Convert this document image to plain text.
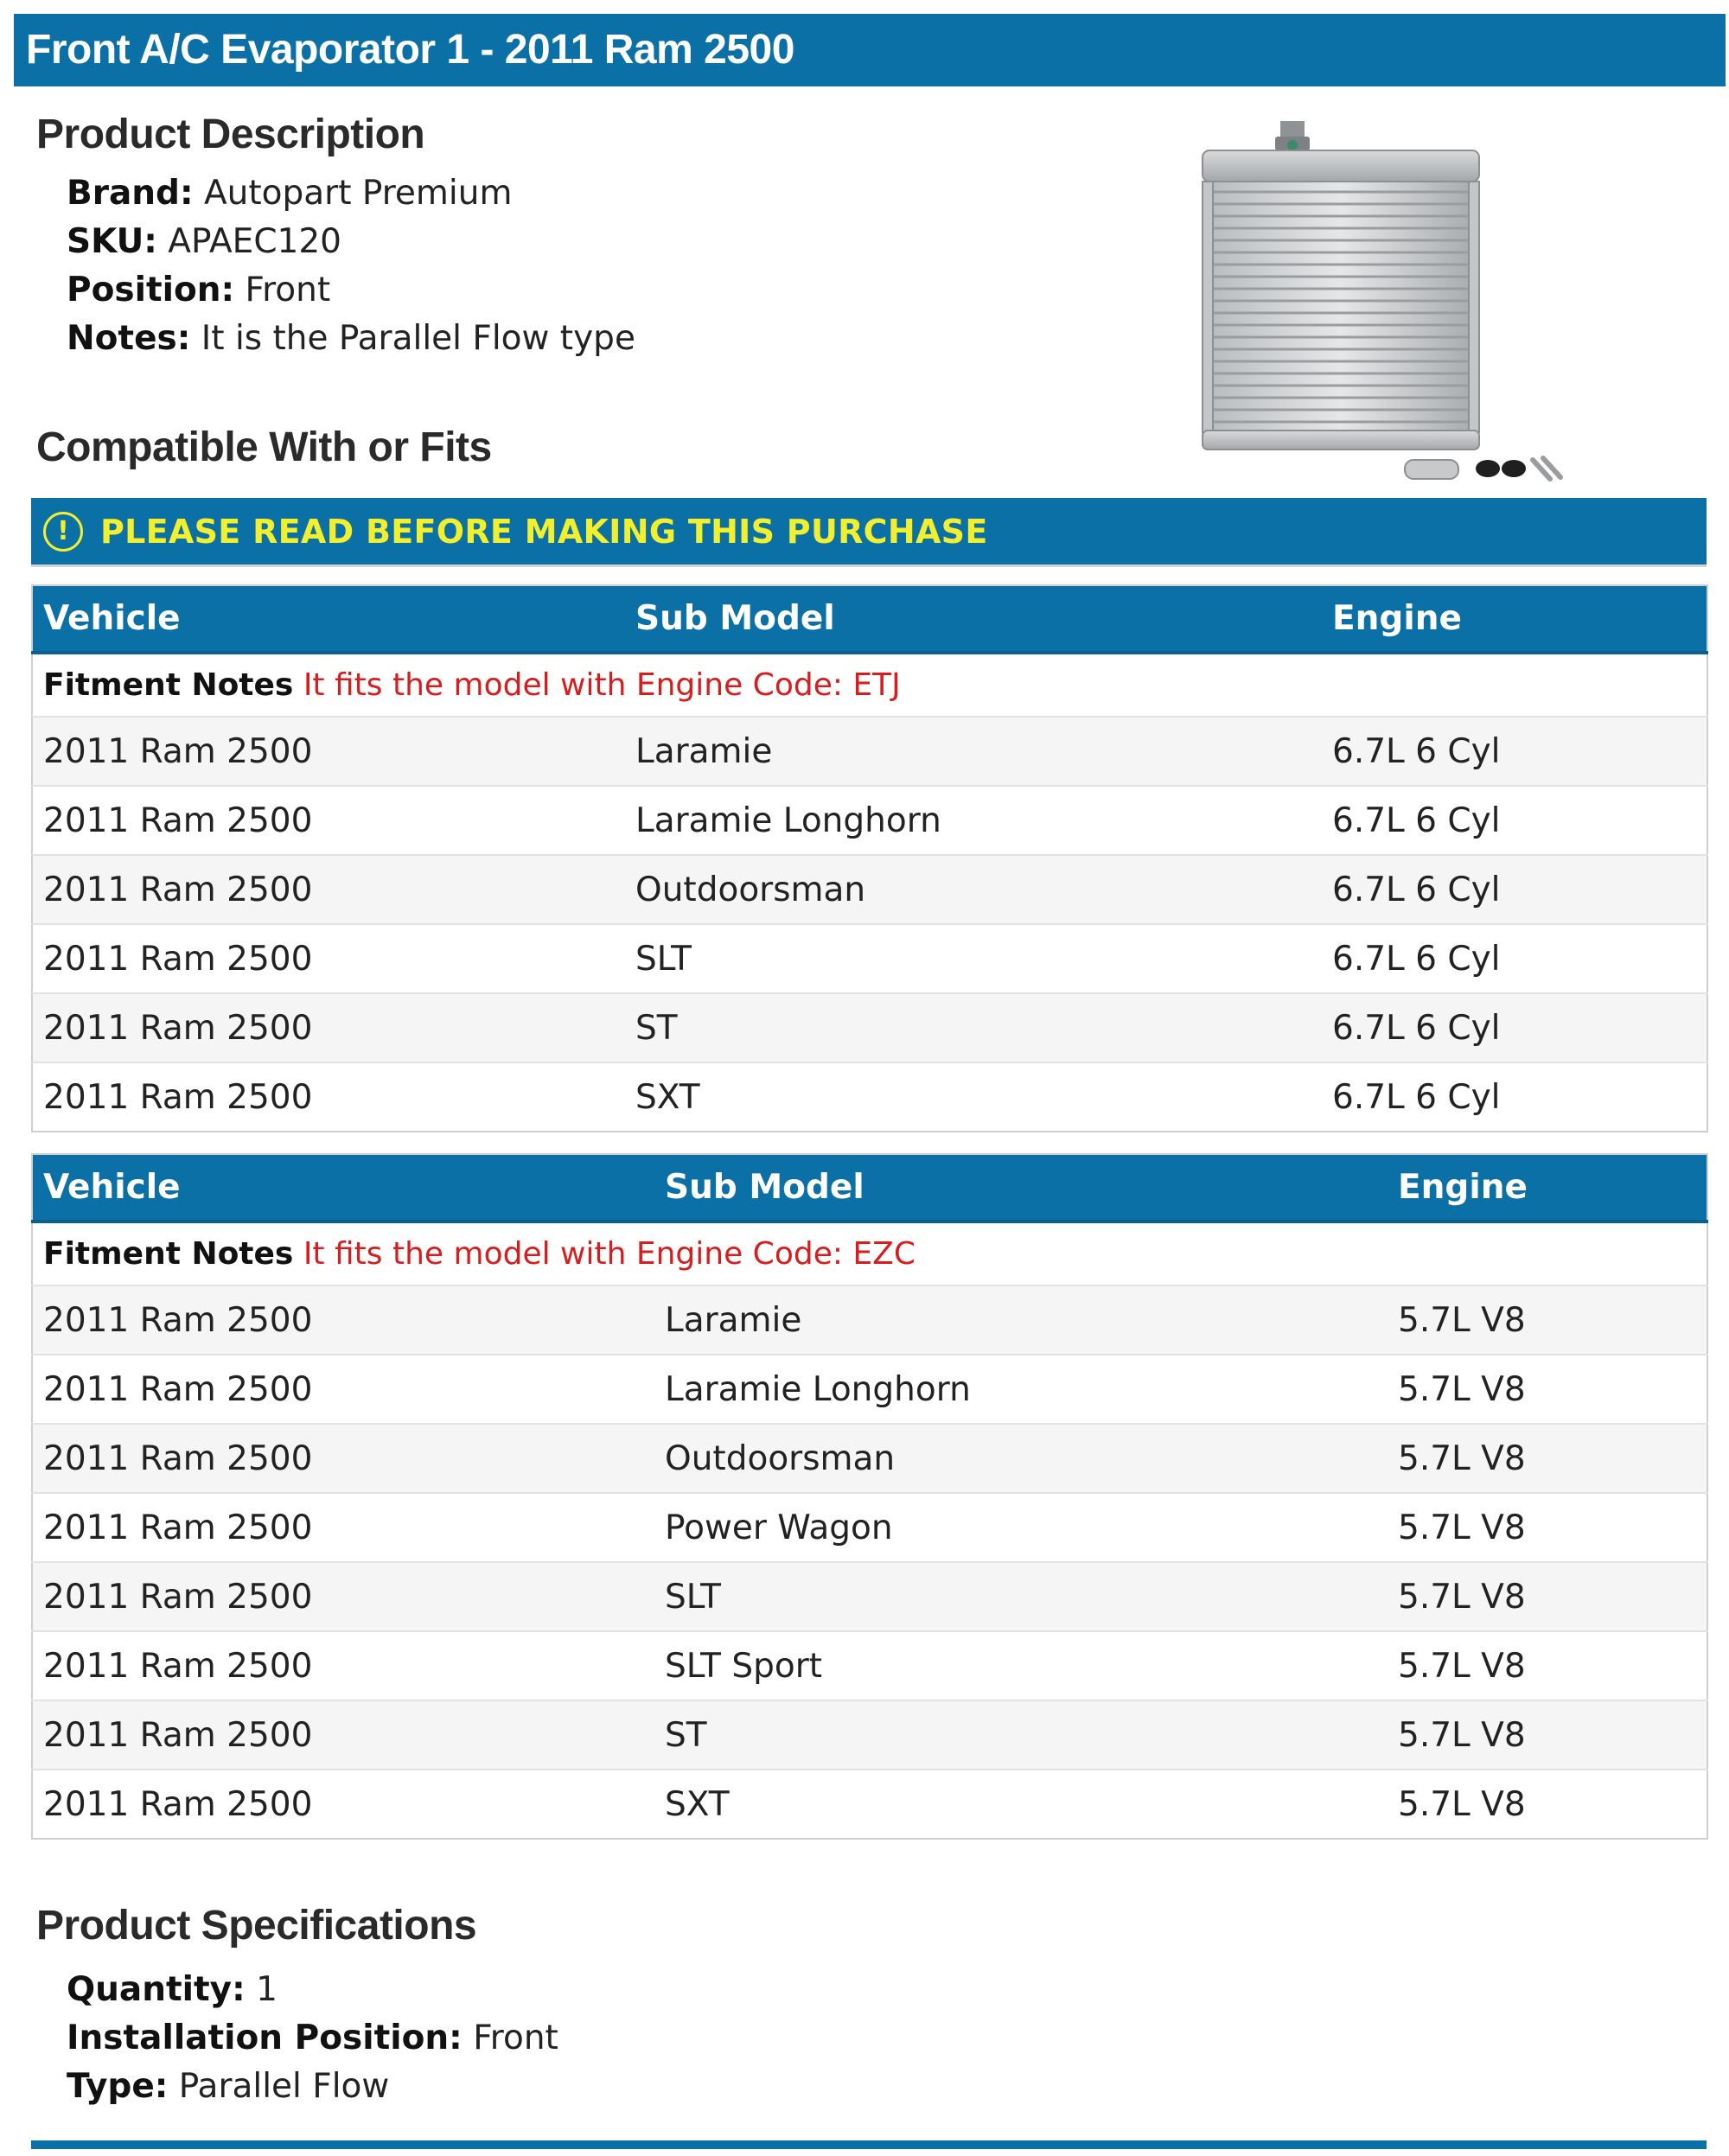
Front A/C Evaporator 1 - 2011 Ram 2500
Product Description
Brand: Autopart Premium
SKU: APAEC120
Position: Front
Notes: It is the Parallel Flow type
Compatible With or Fits
! PLEASE READ BEFORE MAKING THIS PURCHASE
Vehicle	Sub Model	Engine
Fitment Notes It fits the model with Engine Code: ETJ		
2011 Ram 2500	Laramie	6.7L 6 Cyl
2011 Ram 2500	Laramie Longhorn	6.7L 6 Cyl
2011 Ram 2500	Outdoorsman	6.7L 6 Cyl
2011 Ram 2500	SLT	6.7L 6 Cyl
2011 Ram 2500	ST	6.7L 6 Cyl
2011 Ram 2500	SXT	6.7L 6 Cyl
Vehicle	Sub Model	Engine
Fitment Notes It fits the model with Engine Code: EZC		
2011 Ram 2500	Laramie	5.7L V8
2011 Ram 2500	Laramie Longhorn	5.7L V8
2011 Ram 2500	Outdoorsman	5.7L V8
2011 Ram 2500	Power Wagon	5.7L V8
2011 Ram 2500	SLT	5.7L V8
2011 Ram 2500	SLT Sport	5.7L V8
2011 Ram 2500	ST	5.7L V8
2011 Ram 2500	SXT	5.7L V8
Product Specifications
Quantity: 1
Installation Position: Front
Type: Parallel Flow
